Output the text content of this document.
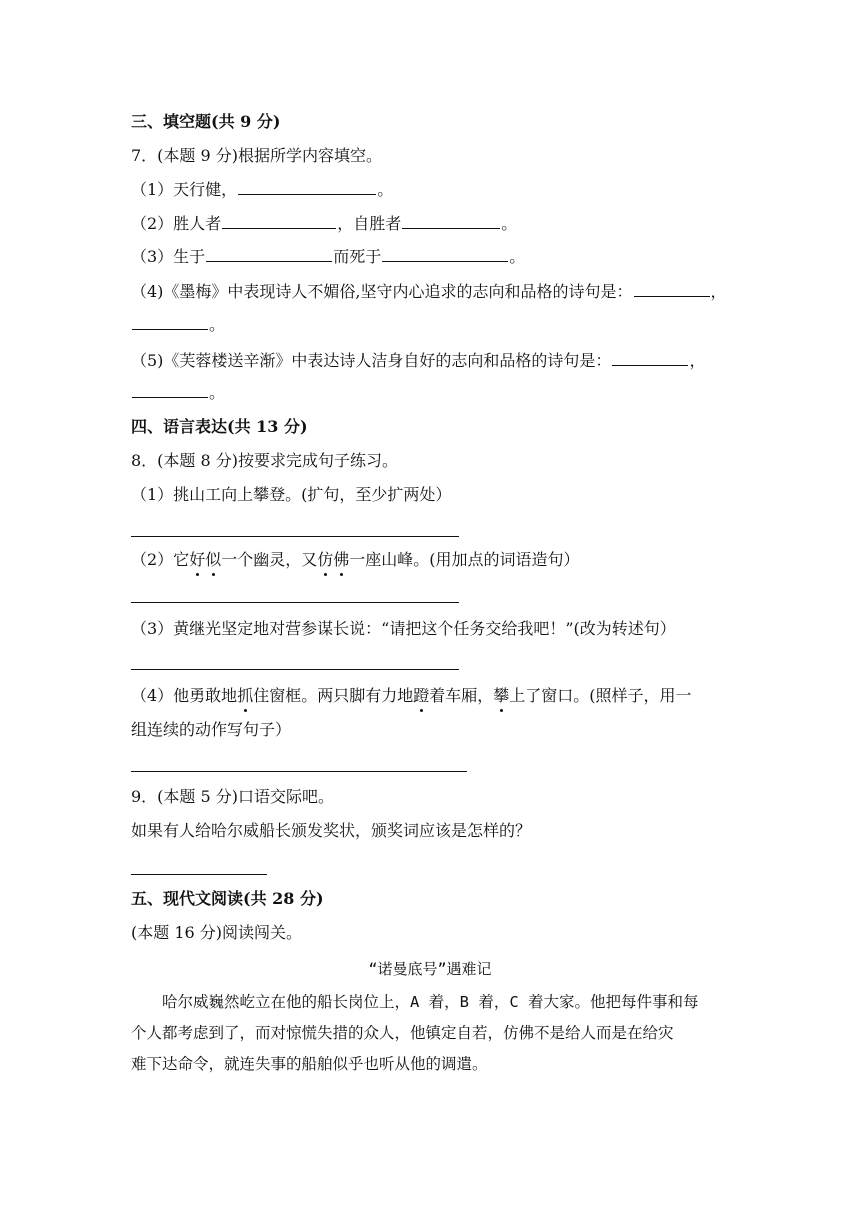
三、填空题(共 9 分)
7．(本题 9 分)根据所学内容填空。
（1）天行健，	。
（2）胜人者	，自胜者	。
（3）生于	而死于	。
（4)《墨梅》中表现诗人不媚俗,坚守内心追求的志向和品格的诗句是：	，
。
（5)《芙蓉楼送辛渐》中表达诗人洁身自好的志向和品格的诗句是：	，
。
四、语言表达(共 13 分)
8．(本题 8 分)按要求完成句子练习。
（1）挑山工向上攀登。(扩句，至少扩两处）
（2）它好似一个幽灵，又仿佛一座山峰。(用加点的词语造句）
（3）黄继光坚定地对营参谋长说：“请把这个任务交给我吧！”(改为转述句）
（4）他勇敢地抓住窗框。两只脚有力地蹬着车厢，攀上了窗口。(照样子，用一
组连续的动作写句子）
9．(本题 5 分)口语交际吧。
如果有人给哈尔威船长颁发奖状，颁奖词应该是怎样的？
五、现代文阅读(共 28 分)
(本题 16 分)阅读闯关。
“诺曼底号”遇难记

　　哈尔威巍然屹立在他的船长岗位上，A 着，B 着，C 着大家。他把每件事和每

个人都考虑到了，而对惊慌失措的众人，他镇定自若，仿佛不是给人而是在给灾

难下达命令，就连失事的船舶似乎也听从他的调遣。
